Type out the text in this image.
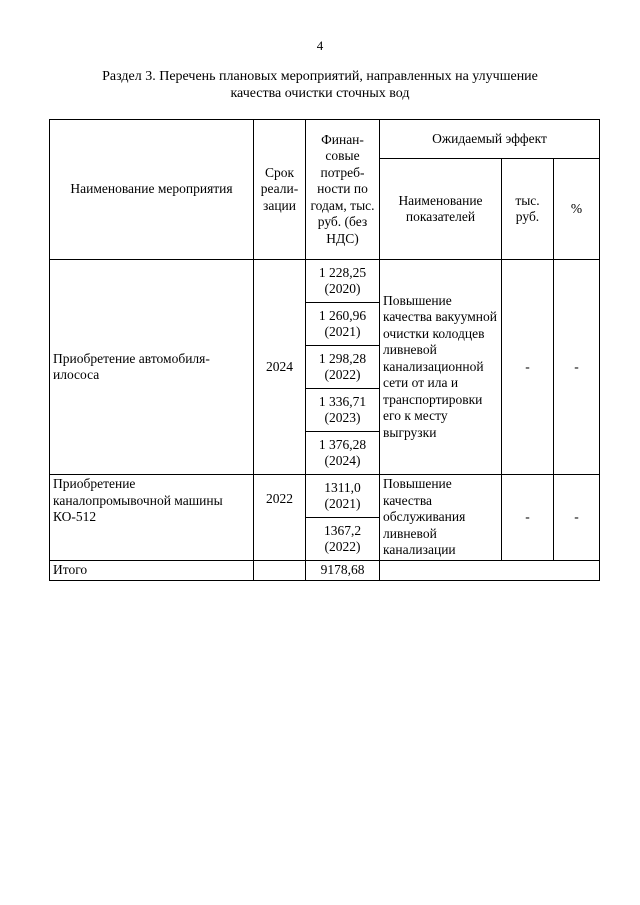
4
Раздел 3. Перечень плановых мероприятий, направленных на улучшение
качества очистки сточных вод
Наименование мероприятия	Срок реали-зации	Финан-совые потреб-ности по годам, тыс. руб. (без НДС)	Ожидаемый эффект		
			Наименование показателей	тыс. руб.	%
Приобретение автомобиля-илососа	2024	1 228,25 (2020)	Повышение качества вакуумной очистки колодцев ливневой канализационной сети от ила и транспортировки его к месту выгрузки	-	-
		1 260,96 (2021)			
		1 298,28 (2022)			
		1 336,71 (2023)			
		1 376,28 (2024)			
Приобретение каналопромывочной машины КО-512	2022	1311,0 (2021)	Повышение качества обслуживания ливневой канализации	-	-
		1367,2 (2022)			
Итого		9178,68			
